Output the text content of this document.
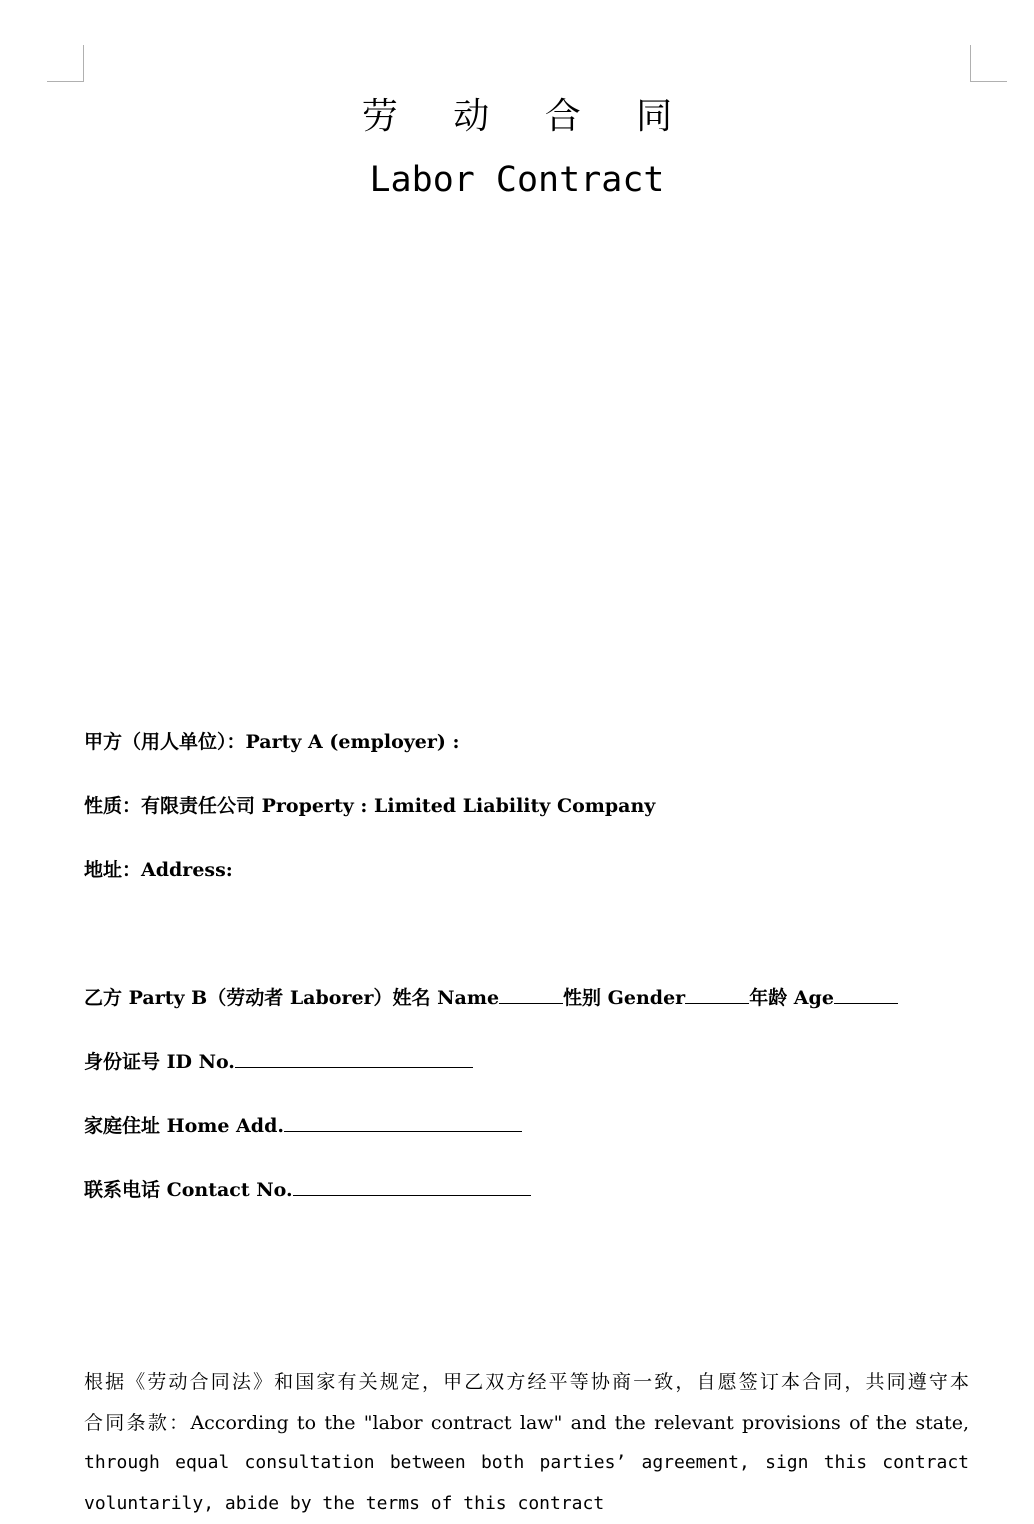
劳 动 合 同
Labor Contract
甲方（用人单位）：Party A (employer) :
性质：有限责任公司 Property : Limited Liability Company
地址：Address:
乙方 Party B（劳动者 Laborer）姓名 Name	性别 Gender	年龄 Age
身份证号 ID No.
家庭住址 Home Add.
联系电话 Contact No.
根据《劳动合同法》和国家有关规定，甲乙双方经平等协商一致，自愿签订本合同，共同遵守本
合同条款：According to the "labor contract law" and the relevant provisions of the state,
through equal consultation between both parties’ agreement, sign this contract
voluntarily, abide by the terms of this contract
